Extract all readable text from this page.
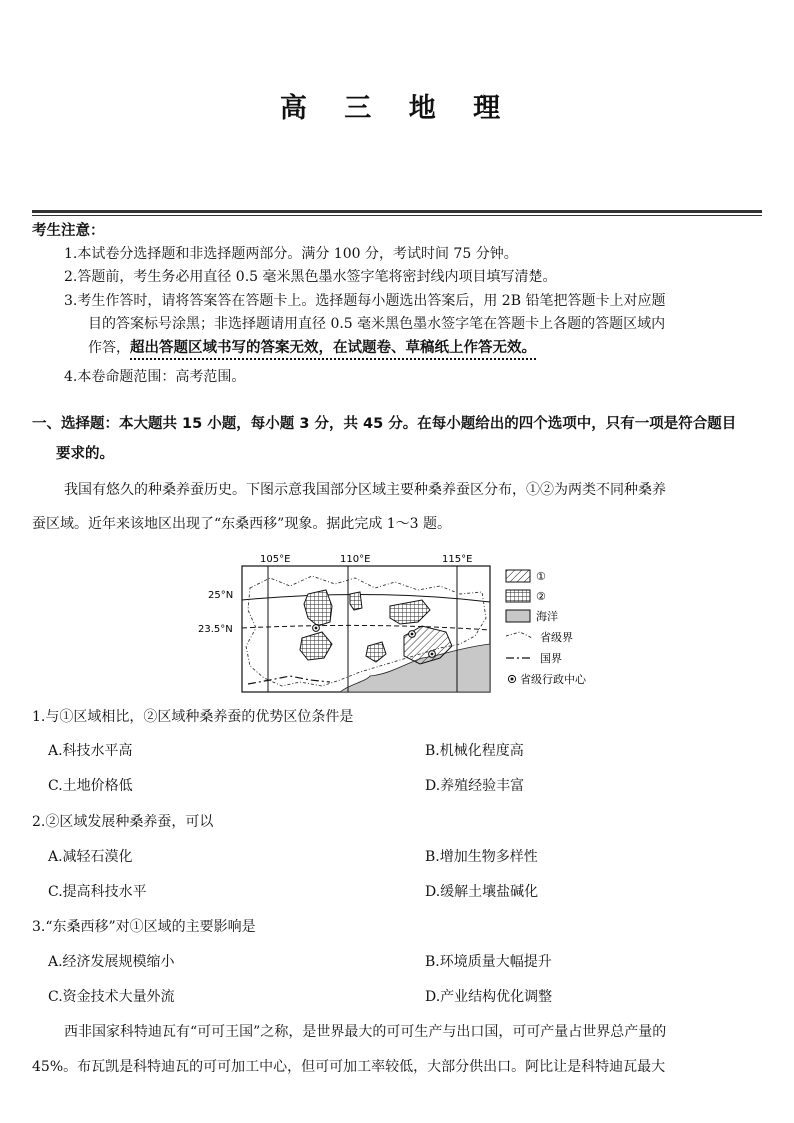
高 三 地 理
考生注意：
1.本试卷分选择题和非选择题两部分。满分 100 分，考试时间 75 分钟。
2.答题前，考生务必用直径 0.5 毫米黑色墨水签字笔将密封线内项目填写清楚。
3.考生作答时，请将答案答在答题卡上。选择题每小题选出答案后，用 2B 铅笔把答题卡上对应题
目的答案标号涂黑；非选择题请用直径 0.5 毫米黑色墨水签字笔在答题卡上各题的答题区域内
作答，超出答题区域书写的答案无效，在试题卷、草稿纸上作答无效。
4.本卷命题范围：高考范围。
一、选择题：本大题共 15 小题，每小题 3 分，共 45 分。在每小题给出的四个选项中，只有一项是符合题目
要求的。
我国有悠久的种桑养蚕历史。下图示意我国部分区域主要种桑养蚕区分布，①②为两类不同种桑养
蚕区域。近年来该地区出现了“东桑西移”现象。据此完成 1～3 题。
105°E	110°E	115°E
25°N
23.5°N
①
②
海洋
省级界
国界
省级行政中心
1.与①区域相比，②区域种桑养蚕的优势区位条件是
A.科技水平高	B.机械化程度高
C.土地价格低	D.养殖经验丰富
2.②区域发展种桑养蚕，可以
A.减轻石漠化	B.增加生物多样性
C.提高科技水平	D.缓解土壤盐碱化
3.“东桑西移”对①区域的主要影响是
A.经济发展规模缩小	B.环境质量大幅提升
C.资金技术大量外流	D.产业结构优化调整
西非国家科特迪瓦有“可可王国”之称，是世界最大的可可生产与出口国，可可产量占世界总产量的
45%。布瓦凯是科特迪瓦的可可加工中心，但可可加工率较低，大部分供出口。阿比让是科特迪瓦最大
